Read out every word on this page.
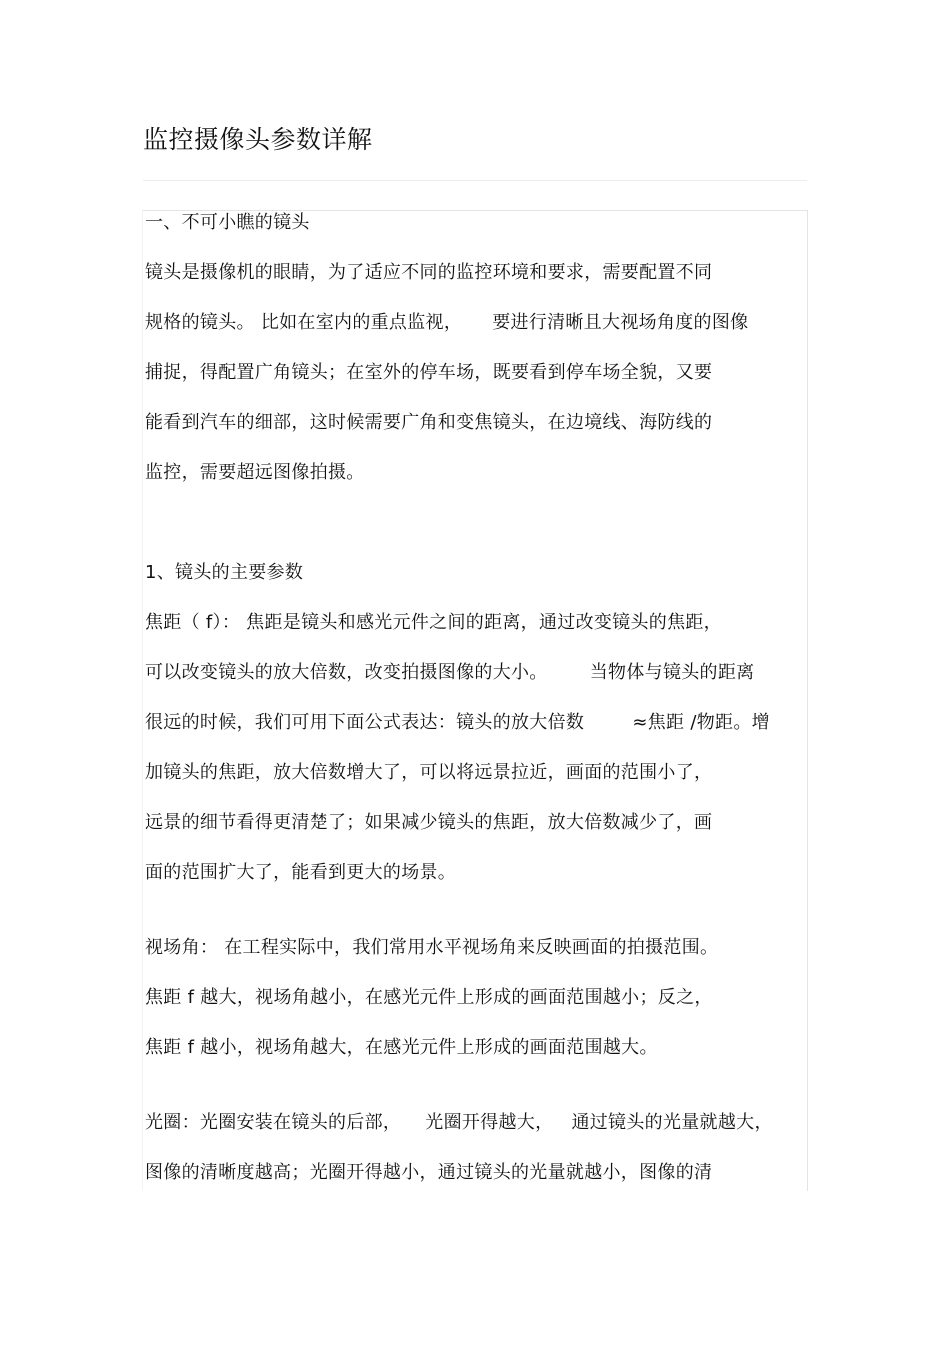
监控摄像头参数详解
一、不可小瞧的镜头
镜头是摄像机的眼睛，为了适应不同的监控环境和要求，需要配置不同
规格的镜头。 比如在室内的重点监视，     要进行清晰且大视场角度的图像
捕捉，得配置广角镜头；在室外的停车场，既要看到停车场全貌，又要
能看到汽车的细部，这时候需要广角和变焦镜头，在边境线、海防线的
监控，需要超远图像拍摄。
1、镜头的主要参数
焦距（ f）： 焦距是镜头和感光元件之间的距离，通过改变镜头的焦距，
可以改变镜头的放大倍数，改变拍摄图像的大小。       当物体与镜头的距离
很远的时候，我们可用下面公式表达：镜头的放大倍数        ≈焦距 /物距。增
加镜头的焦距，放大倍数增大了，可以将远景拉近，画面的范围小了，
远景的细节看得更清楚了；如果减少镜头的焦距，放大倍数减少了，画
面的范围扩大了，能看到更大的场景。
视场角： 在工程实际中，我们常用水平视场角来反映画面的拍摄范围。
焦距 f 越大，视场角越小，在感光元件上形成的画面范围越小；反之，
焦距 f 越小，视场角越大，在感光元件上形成的画面范围越大。
光圈：光圈安装在镜头的后部，    光圈开得越大，   通过镜头的光量就越大，
图像的清晰度越高；光圈开得越小，通过镜头的光量就越小，图像的清
